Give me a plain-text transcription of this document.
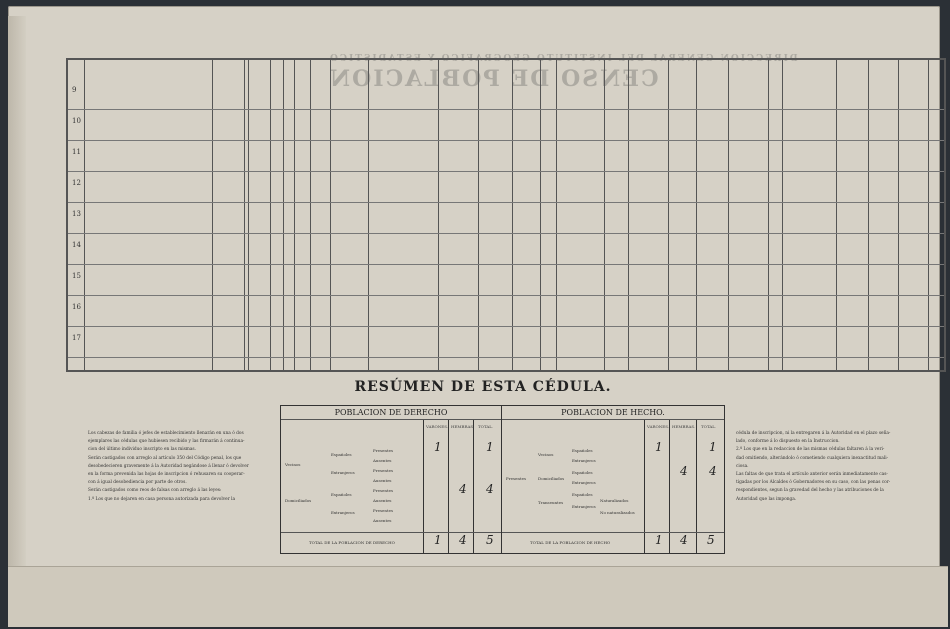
DIRECCION GENERAL DEL INSTITUTO GEOGRAFICO Y ESTADISTICO
CENSO DE POBLACION
9
10
11
12
13
14
15
16
17
RESÚMEN DE ESTA CÉDULA.
Los cabezas de familia ó jefes de establecimiento llenarán en una ó dos
ejemplares las cédulas que hubiesen recibido y las firmarán á continua-
cion del último individuo inscripto en las mismas.
Serán castigados con arreglo al artículo 350 del Código penal, los que
desobedecieren gravemente á la Autoridad negándose á llenar ó devolver
en la forma prevenida las hojas de inscripcion ó rehusaren su cooperar-
con á igual desobediencia por parte de otros.
Serán castigados como reos de falsas con arreglo á las leyes:
1.º Los que no dejaren en casa persona autorizada para devolver la
cédula de inscripcion, ni la entregaren á la Autoridad en el plazo seña-
lado, conforme á lo dispuesto en la Instruccion.
2.º Los que en la redaccion de las mismas cédulas faltaren á la veri-
dad omitiendo, alterándolo ó cometiendo cualquiera inexactitud mali-
ciosa.
Las faltas de que trata el artículo anterior serán inmediatamente cas-
tigadas por los Alcaldes ó Gobernadores en su caso, con las penas cor-
respondientes, segun la gravedad del hecho y las atribuciones de la
Autoridad que las imponga.
POBLACION DE DERECHO
VARONES. HEMBRAS. TOTAL.
Vecinos
Domiciliados
Españoles
Extranjeros
Españoles
Extranjeros
Presentes
Ausentes
Presentes
Ausentes
Presentes
Ausentes
Presentes
Ausentes
TOTAL DE LA POBLACION DE DERECHO
1	1
4 4
1 4 5
POBLACION DE HECHO.
VARONES. HEMBRAS. TOTAL.
Presentes
Vecinos
Domiciliados
Transeuntes
Españoles
Extranjeros
Españoles
Extranjeros
Españoles
Extranjeros
Naturalizados
No naturalizados
TOTAL DE LA POBLACION DE HECHO
1	1
4 4
1 4 5
